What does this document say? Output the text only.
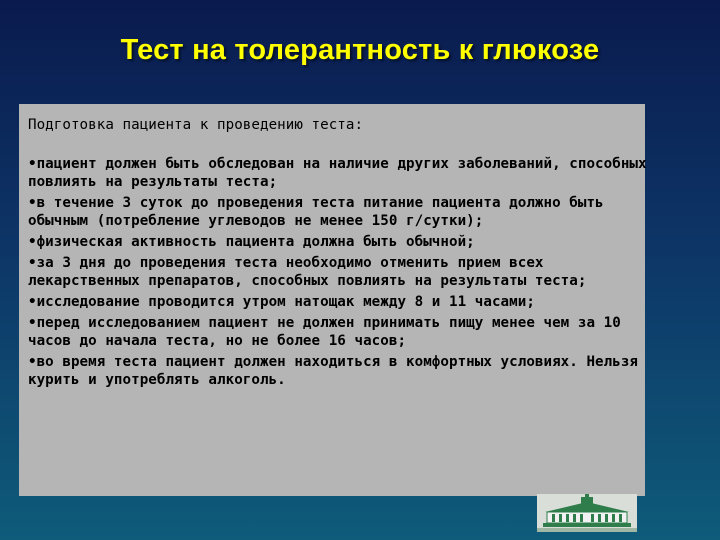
Тест на толерантность к глюкозе

Подготовка пациента к проведению теста:

•пациент должен быть обследован на наличие других заболеваний, способных повлиять на результаты теста;
•в течение 3 суток до проведения теста питание пациента должно быть обычным (потребление углеводов не менее 150 г/сутки);
•физическая активность пациента должна быть обычной;
•за 3 дня до проведения теста необходимо отменить прием всех лекарственных препаратов, способных повлиять на результаты теста;
•исследование проводится утром натощак между 8 и 11 часами;
•перед исследованием пациент не должен принимать пищу менее чем за 10 часов до начала теста, но не более 16 часов;
•во время теста пациент должен находиться в комфортных условиях. Нельзя курить и употреблять алкоголь.
